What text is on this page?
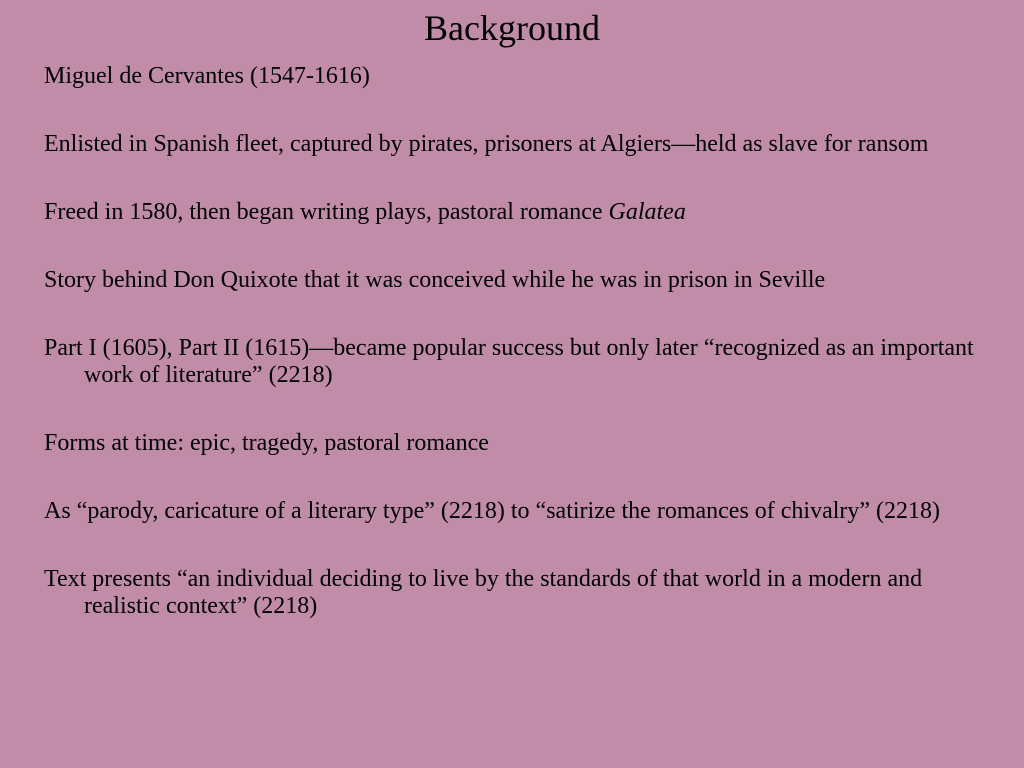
Background
Miguel de Cervantes (1547-1616)
Enlisted in Spanish fleet, captured by pirates, prisoners at Algiers—held as slave for ransom
Freed in 1580, then began writing plays, pastoral romance Galatea
Story behind Don Quixote that it was conceived while he was in prison in Seville
Part I (1605), Part II (1615)—became popular success but only later “recognized as an important work of literature” (2218)
Forms at time: epic, tragedy, pastoral romance
As “parody, caricature of a literary type” (2218) to “satirize the romances of chivalry” (2218)
Text presents “an individual deciding to live by the standards of that world in a modern and realistic context” (2218)
